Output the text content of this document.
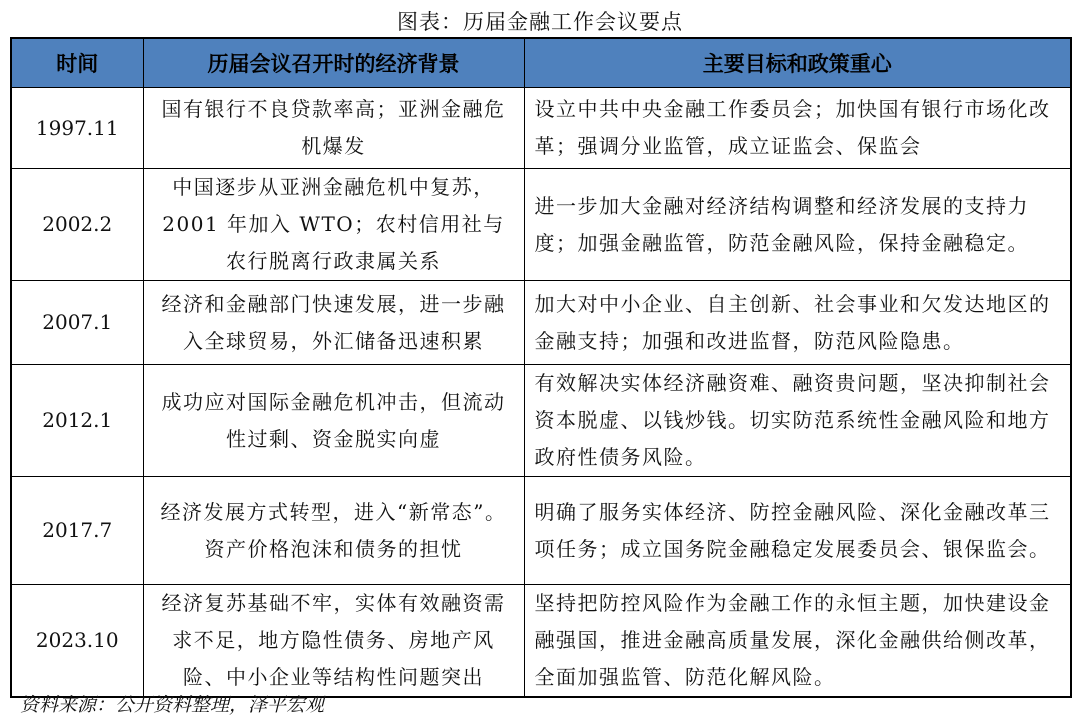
图表：历届金融工作会议要点
时间	历届会议召开时的经济背景	主要目标和政策重心
1997.11	国有银行不良贷款率高；亚洲金融危机爆发	设立中共中央金融工作委员会；加快国有银行市场化改革；强调分业监管，成立证监会、保监会
2002.2	中国逐步从亚洲金融危机中复苏，2001 年加入 WTO；农村信用社与农行脱离行政隶属关系	进一步加大金融对经济结构调整和经济发展的支持力度；加强金融监管，防范金融风险，保持金融稳定。
2007.1	经济和金融部门快速发展，进一步融入全球贸易，外汇储备迅速积累	加大对中小企业、自主创新、社会事业和欠发达地区的金融支持；加强和改进监督，防范风险隐患。
2012.1	成功应对国际金融危机冲击，但流动性过剩、资金脱实向虚	有效解决实体经济融资难、融资贵问题，坚决抑制社会资本脱虚、以钱炒钱。切实防范系统性金融风险和地方政府性债务风险。
2017.7	经济发展方式转型，进入“新常态”。资产价格泡沫和债务的担忧	明确了服务实体经济、防控金融风险、深化金融改革三项任务；成立国务院金融稳定发展委员会、银保监会。
2023.10	经济复苏基础不牢，实体有效融资需求不足，地方隐性债务、房地产风险、中小企业等结构性问题突出	坚持把防控风险作为金融工作的永恒主题，加快建设金融强国，推进金融高质量发展，深化金融供给侧改革，全面加强监管、防范化解风险。
资料来源：公开资料整理，泽平宏观
